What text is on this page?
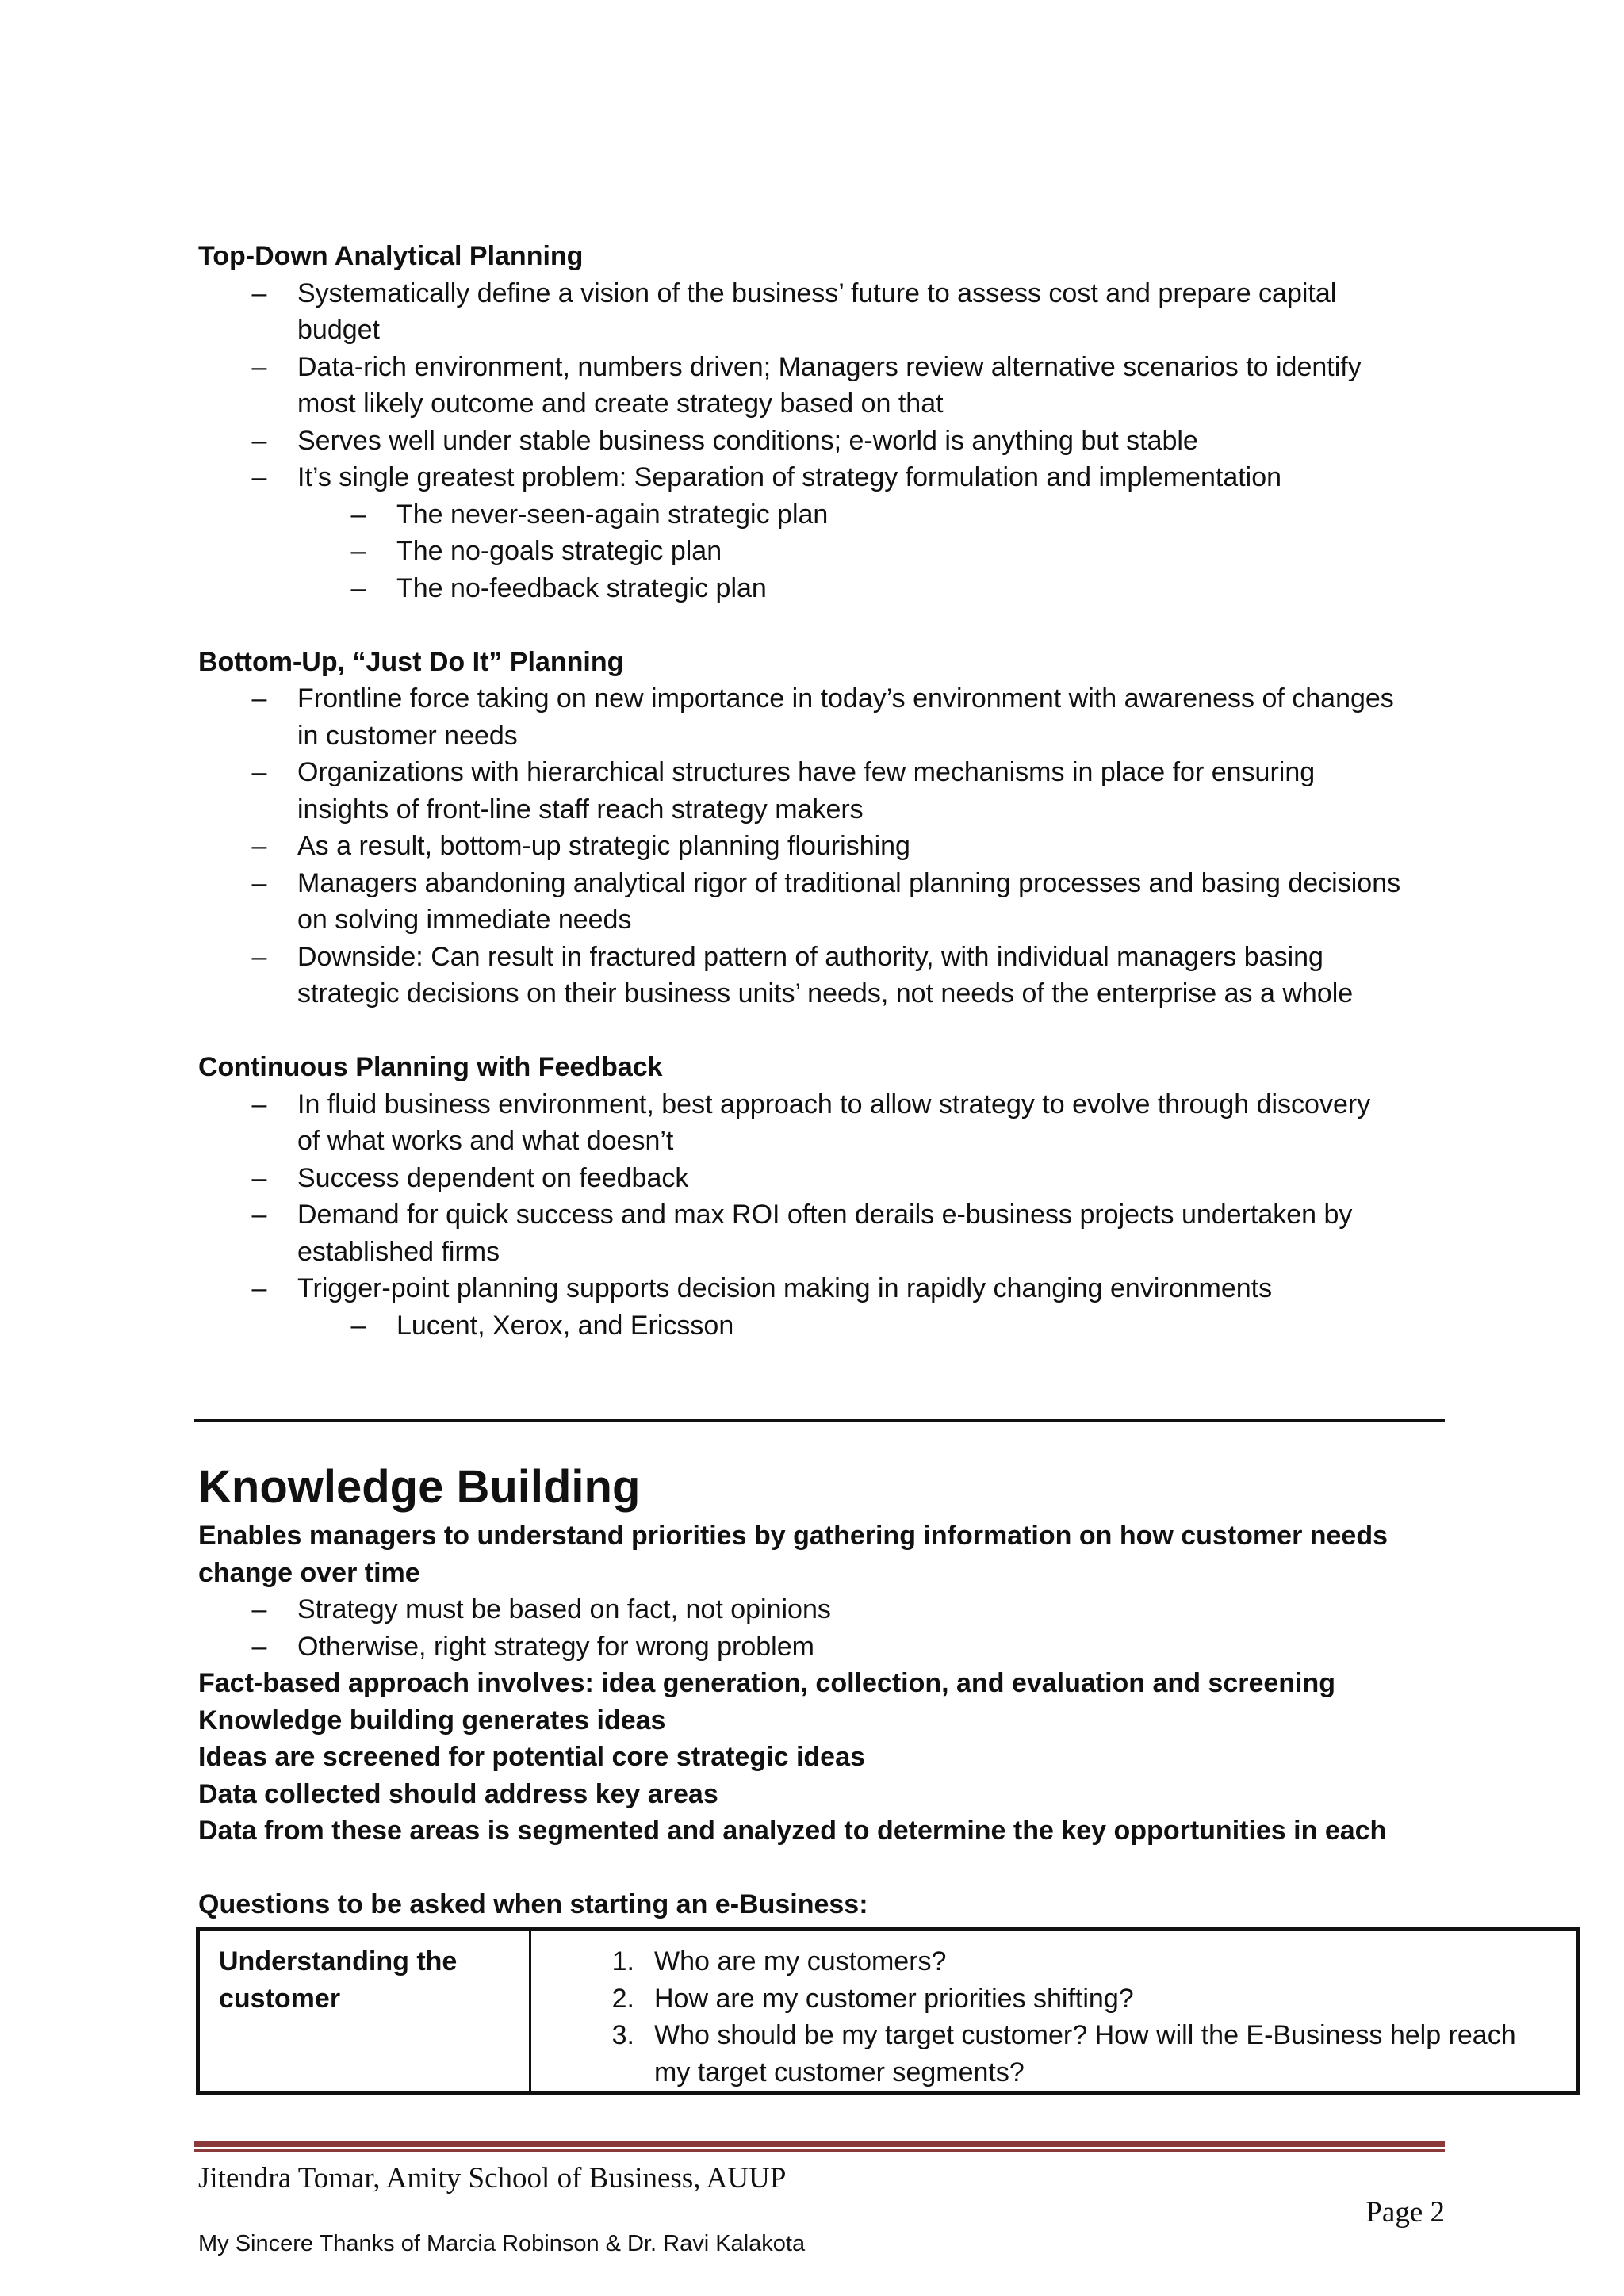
Top-Down Analytical Planning
– Systematically define a vision of the business’ future to assess cost and prepare capital
budget
– Data-rich environment, numbers driven; Managers review alternative scenarios to identify
most likely outcome and create strategy based on that
– Serves well under stable business conditions; e-world is anything but stable
– It’s single greatest problem: Separation of strategy formulation and implementation
– The never-seen-again strategic plan
– The no-goals strategic plan
– The no-feedback strategic plan
Bottom-Up, “Just Do It” Planning
– Frontline force taking on new importance in today’s environment with awareness of changes
in customer needs
– Organizations with hierarchical structures have few mechanisms in place for ensuring
insights of front-line staff reach strategy makers
– As a result, bottom-up strategic planning flourishing
– Managers abandoning analytical rigor of traditional planning processes and basing decisions
on solving immediate needs
– Downside: Can result in fractured pattern of authority, with individual managers basing
strategic decisions on their business units’ needs, not needs of the enterprise as a whole
Continuous Planning with Feedback
– In fluid business environment, best approach to allow strategy to evolve through discovery
of what works and what doesn’t
– Success dependent on feedback
– Demand for quick success and max ROI often derails e-business projects undertaken by
established firms
– Trigger-point planning supports decision making in rapidly changing environments
– Lucent, Xerox, and Ericsson
Knowledge Building
Enables managers to understand priorities by gathering information on how customer needs
change over time
– Strategy must be based on fact, not opinions
– Otherwise, right strategy for wrong problem
Fact-based approach involves: idea generation, collection, and evaluation and screening
Knowledge building generates ideas
Ideas are screened for potential core strategic ideas
Data collected should address key areas
Data from these areas is segmented and analyzed to determine the key opportunities in each
Questions to be asked when starting an e-Business:
Understanding the
customer
1. Who are my customers?
2. How are my customer priorities shifting?
3. Who should be my target customer? How will the E-Business help reach
my target customer segments?
Jitendra Tomar, Amity School of Business, AUUP
Page 2
My Sincere Thanks of Marcia Robinson & Dr. Ravi Kalakota
